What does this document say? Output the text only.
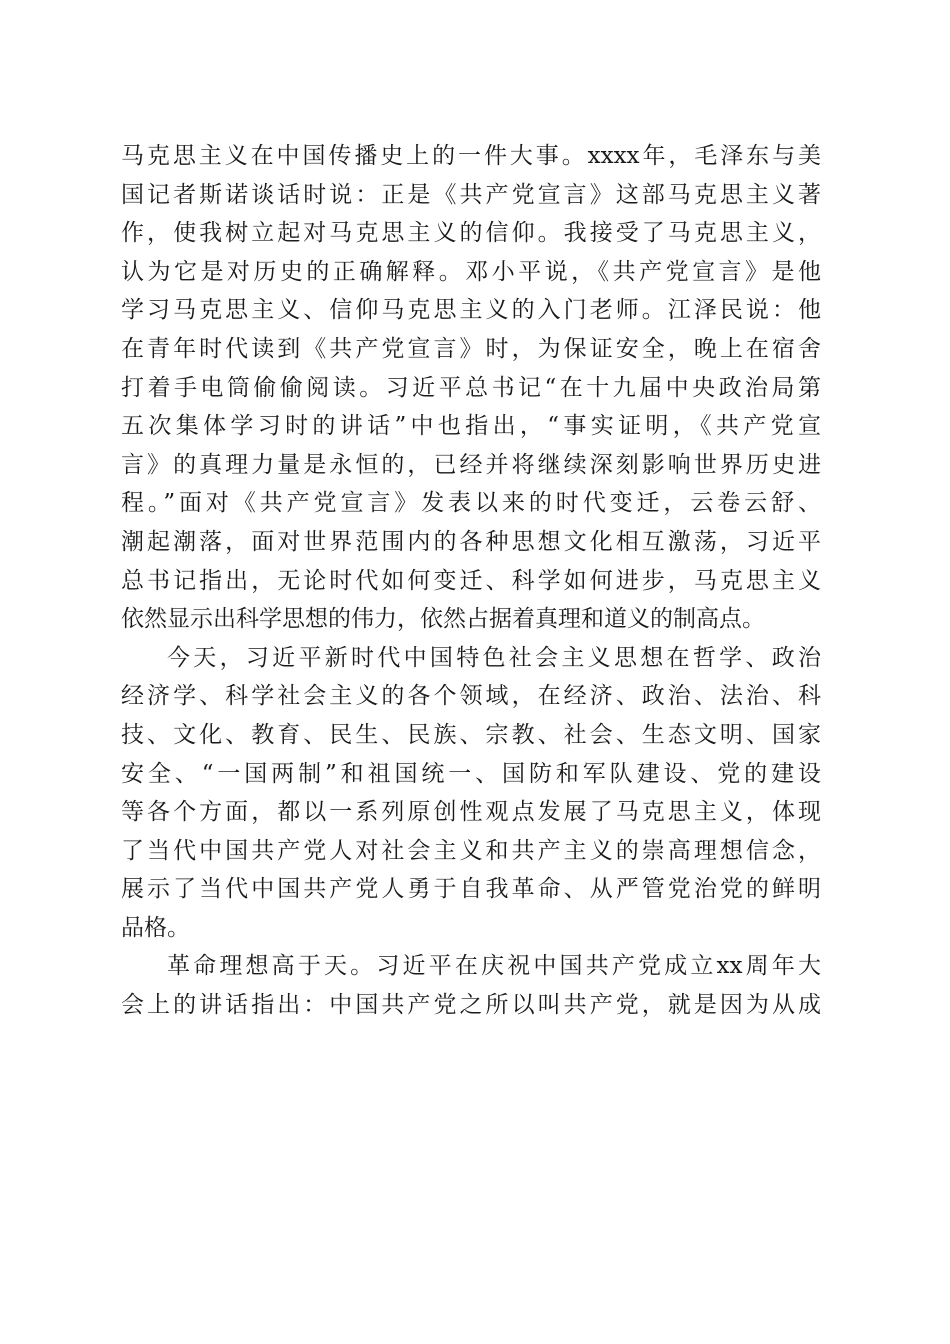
马克思主义在中国传播史上的一件大事。xxxx年，毛泽东与美
国记者斯诺谈话时说：正是《共产党宣言》这部马克思主义著
作，使我树立起对马克思主义的信仰。我接受了马克思主义，
认为它是对历史的正确解释。邓小平说，《共产党宣言》是他
学习马克思主义、信仰马克思主义的入门老师。江泽民说：他
在青年时代读到《共产党宣言》时，为保证安全，晚上在宿舍
打着手电筒偷偷阅读。习近平总书记“在十九届中央政治局第
五次集体学习时的讲话”中也指出，“事实证明，《共产党宣
言》的真理力量是永恒的，已经并将继续深刻影响世界历史进
程。”面对《共产党宣言》发表以来的时代变迁，云卷云舒、
潮起潮落，面对世界范围内的各种思想文化相互激荡，习近平
总书记指出，无论时代如何变迁、科学如何进步，马克思主义
依然显示出科学思想的伟力，依然占据着真理和道义的制高点。
今天，习近平新时代中国特色社会主义思想在哲学、政治
经济学、科学社会主义的各个领域，在经济、政治、法治、科
技、文化、教育、民生、民族、宗教、社会、生态文明、国家
安全、“一国两制”和祖国统一、国防和军队建设、党的建设
等各个方面，都以一系列原创性观点发展了马克思主义，体现
了当代中国共产党人对社会主义和共产主义的崇高理想信念，
展示了当代中国共产党人勇于自我革命、从严管党治党的鲜明
品格。
革命理想高于天。习近平在庆祝中国共产党成立xx周年大
会上的讲话指出：中国共产党之所以叫共产党，就是因为从成
